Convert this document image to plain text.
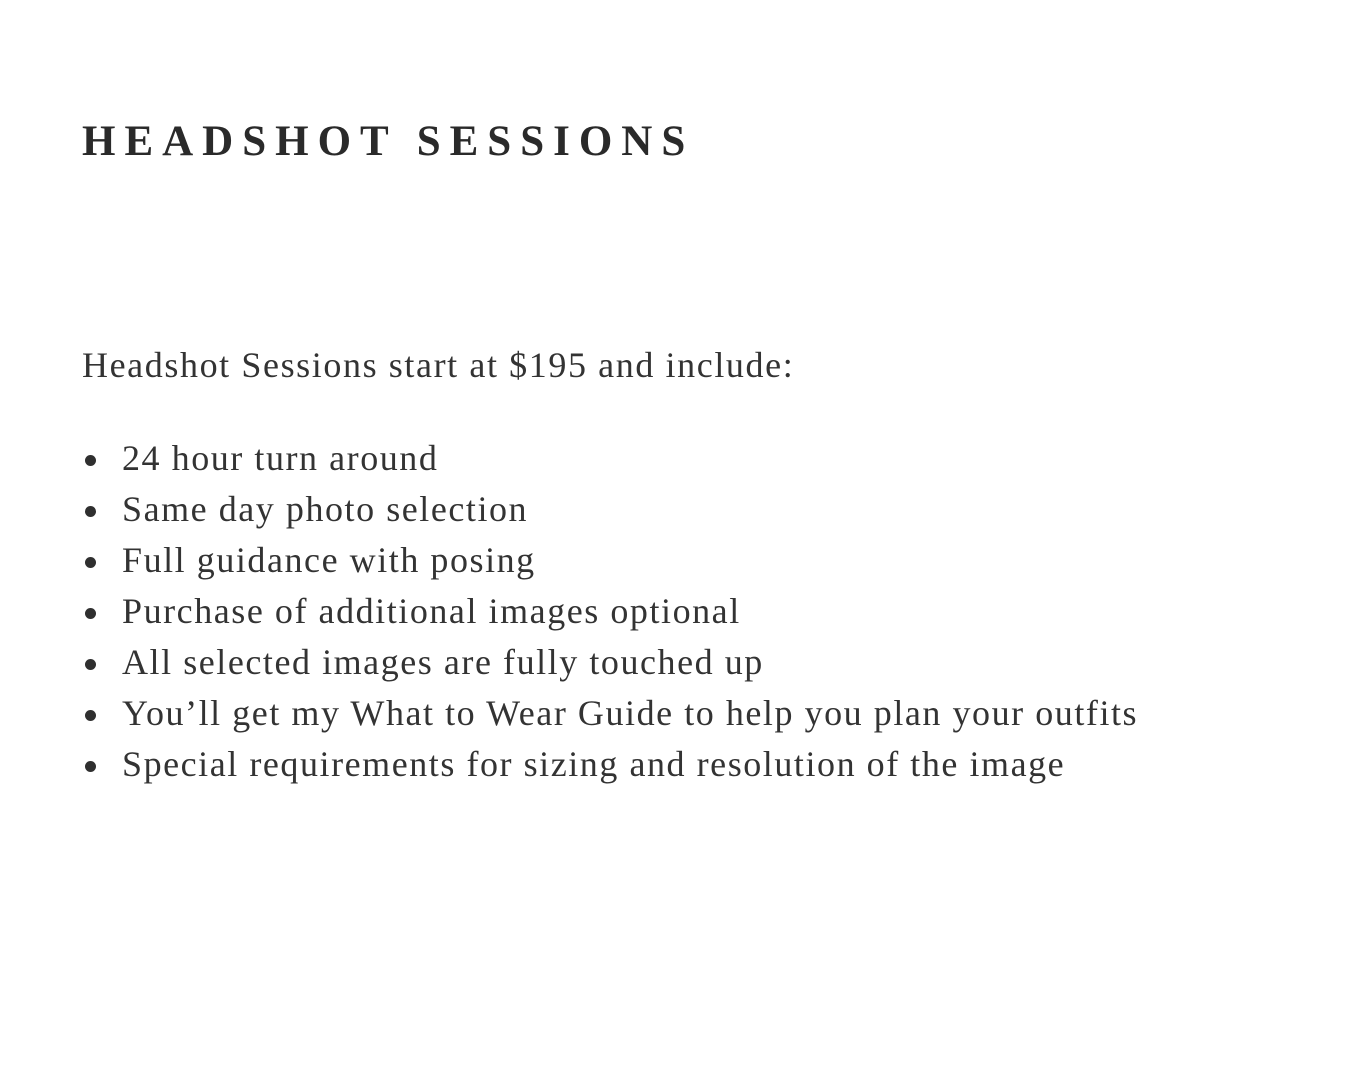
HEADSHOT SESSIONS

Headshot Sessions start at $195 and include:

24 hour turn around
Same day photo selection
Full guidance with posing
Purchase of additional images optional
All selected images are fully touched up
You’ll get my What to Wear Guide to help you plan your outfits
Special requirements for sizing and resolution of the image
